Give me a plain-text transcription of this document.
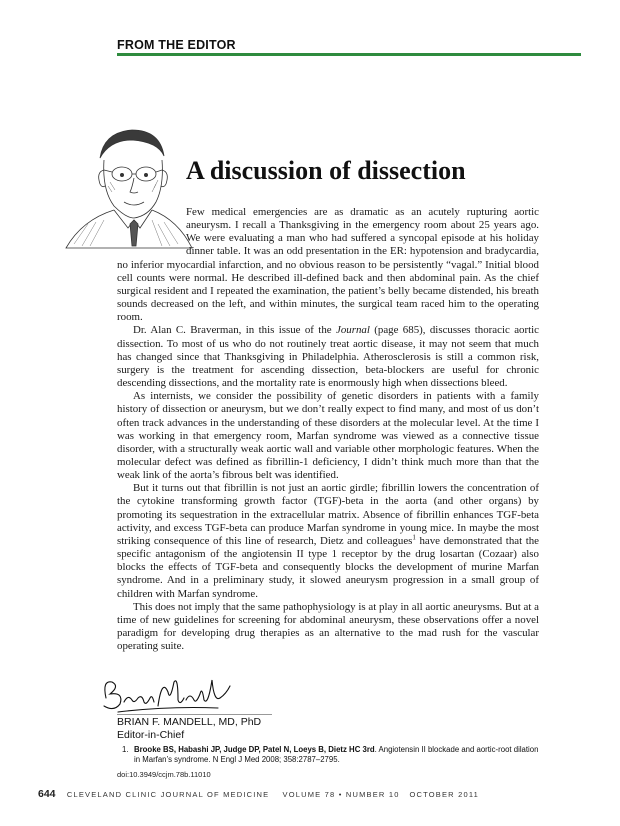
FROM THE EDITOR
A discussion of dissection

Few medical emergencies are as dramatic as an acutely rupturing aortic aneurysm. I recall a Thanksgiving in the emergency room about 25 years ago. We were evaluating a man who had suffered a syncopal episode at his holiday dinner table. It was an odd presentation in the ER: hypotension and bradycardia, no inferior myocardial infarction, and no obvious reason to be persistently “vagal.” Initial blood cell counts were normal. He described ill-defined back and then abdominal pain. As the chief surgical resident and I repeated the examination, the patient’s belly became distended, his breath sounds decreased on the left, and within minutes, the surgical team raced him to the operating room.

Dr. Alan C. Braverman, in this issue of the Journal (page 685), discusses thoracic aortic dissection. To most of us who do not routinely treat aortic disease, it may not seem that much has changed since that Thanksgiving in Philadelphia. Atherosclerosis is still a common risk, surgery is the treatment for ascending dissection, beta-blockers are useful for chronic descending dissections, and the mortality rate is enormously high when dissections bleed.

As internists, we consider the possibility of genetic disorders in patients with a family history of dissection or aneurysm, but we don’t really expect to find many, and most of us don’t often track advances in the understanding of these disorders at the molecular level. At the time I was working in that emergency room, Marfan syndrome was viewed as a connective tissue disorder, with a structurally weak aortic wall and variable other morphologic features. When the molecular defect was defined as fibrillin-1 deficiency, I didn’t think much more than that the weak link of the aorta’s fibrous belt was identified.

But it turns out that fibrillin is not just an aortic girdle; fibrillin lowers the concentration of the cytokine transforming growth factor (TGF)-beta in the aorta (and other organs) by promoting its sequestration in the extracellular matrix. Absence of fibrillin enhances TGF-beta activity, and excess TGF-beta can produce Marfan syndrome in young mice. In maybe the most striking consequence of this line of research, Dietz and colleagues$^1$ have demonstrated that the specific antagonism of the angiotensin II type 1 receptor by the drug losartan (Cozaar) also blocks the effects of TGF-beta and consequently blocks the development of murine Marfan syndrome. And in a preliminary study, it slowed aneurysm progression in a small group of children with Marfan syndrome.

This does not imply that the same pathophysiology is at play in all aortic aneurysms. But at a time of new guidelines for screening for abdominal aneurysm, these observations offer a novel paradigm for developing drug therapies as an alternative to the mad rush for the vascular operating suite.

BRIAN F. MANDELL, MD, PhD
Editor-in-Chief
1. Brooke BS, Habashi JP, Judge DP, Patel N, Loeys B, Dietz HC 3rd. Angiotensin II blockade and aortic-root dilation in Marfan’s syndrome. N Engl J Med 2008; 358:2787–2795.
doi:10.3949/ccjm.78b.11010
644 CLEVELAND CLINIC JOURNAL OF MEDICINE VOLUME 78 • NUMBER 10 OCTOBER 2011
